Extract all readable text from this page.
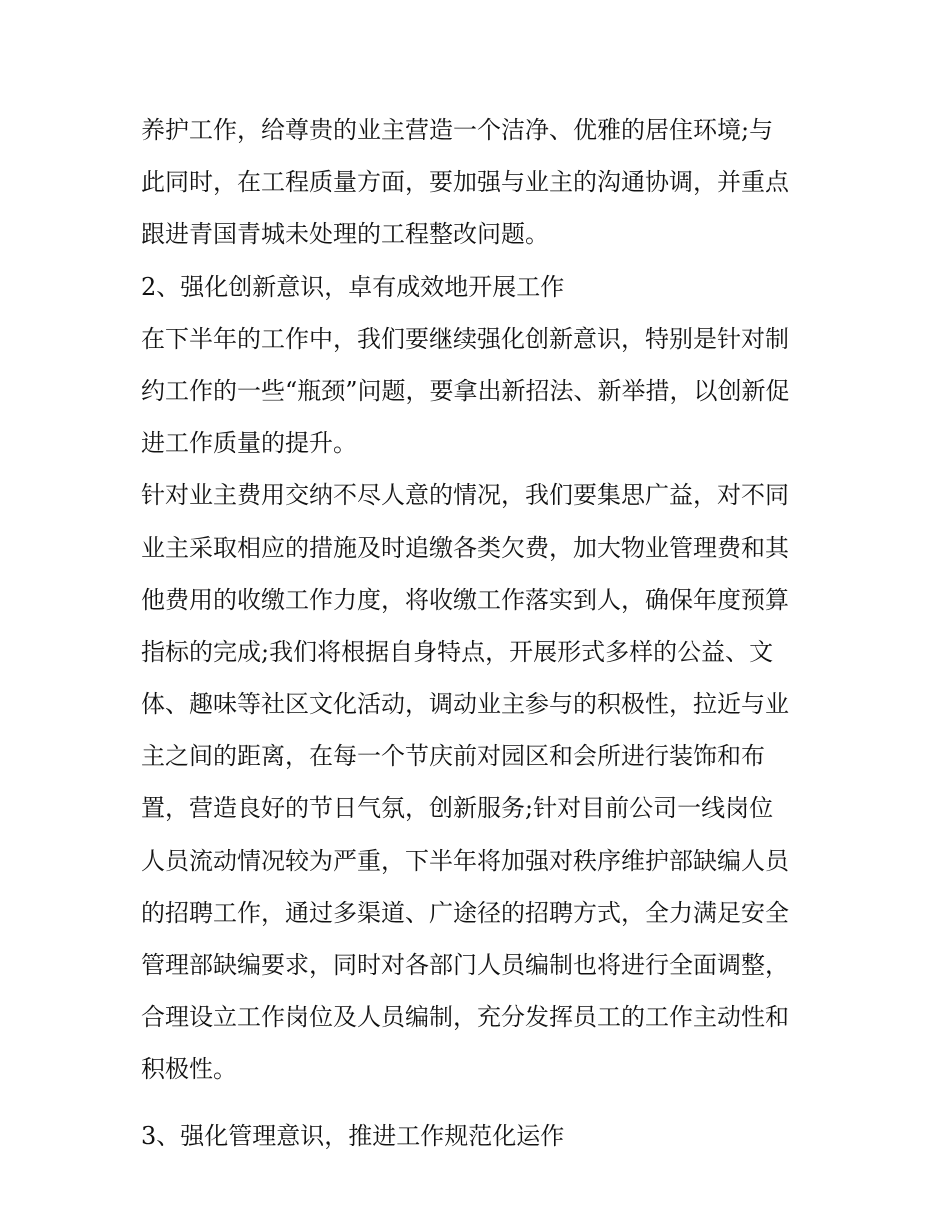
养护工作，给尊贵的业主营造一个洁净、优雅的居住环境;与
此同时，在工程质量方面，要加强与业主的沟通协调，并重点
跟进青国青城未处理的工程整改问题。
2、强化创新意识，卓有成效地开展工作
在下半年的工作中，我们要继续强化创新意识，特别是针对制
约工作的一些“瓶颈”问题，要拿出新招法、新举措，以创新促
进工作质量的提升。
针对业主费用交纳不尽人意的情况，我们要集思广益，对不同
业主采取相应的措施及时追缴各类欠费，加大物业管理费和其
他费用的收缴工作力度，将收缴工作落实到人，确保年度预算
指标的完成;我们将根据自身特点，开展形式多样的公益、文
体、趣味等社区文化活动，调动业主参与的积极性，拉近与业
主之间的距离，在每一个节庆前对园区和会所进行装饰和布
置，营造良好的节日气氛，创新服务;针对目前公司一线岗位
人员流动情况较为严重，下半年将加强对秩序维护部缺编人员
的招聘工作，通过多渠道、广途径的招聘方式，全力满足安全
管理部缺编要求，同时对各部门人员编制也将进行全面调整，
合理设立工作岗位及人员编制，充分发挥员工的工作主动性和
积极性。
3、强化管理意识，推进工作规范化运作
